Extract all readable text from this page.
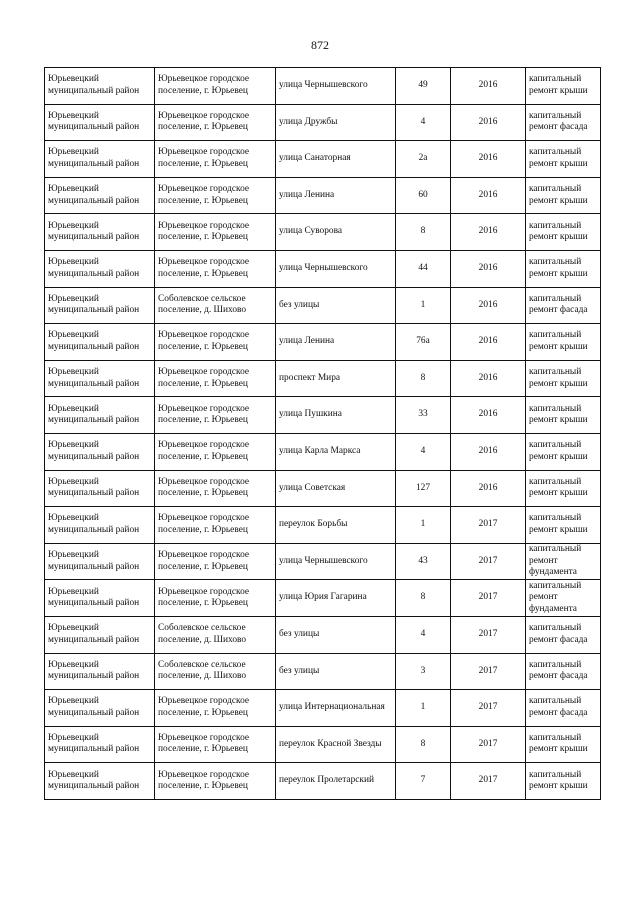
872
Юрьевецкий муниципальный район	Юрьевецкое городское поселение, г. Юрьевец	улица Чернышевского	49	2016	капитальный ремонт крыши
Юрьевецкий муниципальный район	Юрьевецкое городское поселение, г. Юрьевец	улица Дружбы	4	2016	капитальный ремонт фасада
Юрьевецкий муниципальный район	Юрьевецкое городское поселение, г. Юрьевец	улица Санаторная	2а	2016	капитальный ремонт крыши
Юрьевецкий муниципальный район	Юрьевецкое городское поселение, г. Юрьевец	улица Ленина	60	2016	капитальный ремонт крыши
Юрьевецкий муниципальный район	Юрьевецкое городское поселение, г. Юрьевец	улица Суворова	8	2016	капитальный ремонт крыши
Юрьевецкий муниципальный район	Юрьевецкое городское поселение, г. Юрьевец	улица Чернышевского	44	2016	капитальный ремонт крыши
Юрьевецкий муниципальный район	Соболевское сельское поселение, д. Шихово	без улицы	1	2016	капитальный ремонт фасада
Юрьевецкий муниципальный район	Юрьевецкое городское поселение, г. Юрьевец	улица Ленина	76а	2016	капитальный ремонт крыши
Юрьевецкий муниципальный район	Юрьевецкое городское поселение, г. Юрьевец	проспект Мира	8	2016	капитальный ремонт крыши
Юрьевецкий муниципальный район	Юрьевецкое городское поселение, г. Юрьевец	улица Пушкина	33	2016	капитальный ремонт крыши
Юрьевецкий муниципальный район	Юрьевецкое городское поселение, г. Юрьевец	улица Карла Маркса	4	2016	капитальный ремонт крыши
Юрьевецкий муниципальный район	Юрьевецкое городское поселение, г. Юрьевец	улица Советская	127	2016	капитальный ремонт крыши
Юрьевецкий муниципальный район	Юрьевецкое городское поселение, г. Юрьевец	переулок Борьбы	1	2017	капитальный ремонт крыши
Юрьевецкий муниципальный район	Юрьевецкое городское поселение, г. Юрьевец	улица Чернышевского	43	2017	капитальный ремонт фундамента
Юрьевецкий муниципальный район	Юрьевецкое городское поселение, г. Юрьевец	улица Юрия Гагарина	8	2017	капитальный ремонт фундамента
Юрьевецкий муниципальный район	Соболевское сельское поселение, д. Шихово	без улицы	4	2017	капитальный ремонт фасада
Юрьевецкий муниципальный район	Соболевское сельское поселение, д. Шихово	без улицы	3	2017	капитальный ремонт фасада
Юрьевецкий муниципальный район	Юрьевецкое городское поселение, г. Юрьевец	улица Интернациональная	1	2017	капитальный ремонт фасада
Юрьевецкий муниципальный район	Юрьевецкое городское поселение, г. Юрьевец	переулок Красной Звезды	8	2017	капитальный ремонт крыши
Юрьевецкий муниципальный район	Юрьевецкое городское поселение, г. Юрьевец	переулок Пролетарский	7	2017	капитальный ремонт крыши
